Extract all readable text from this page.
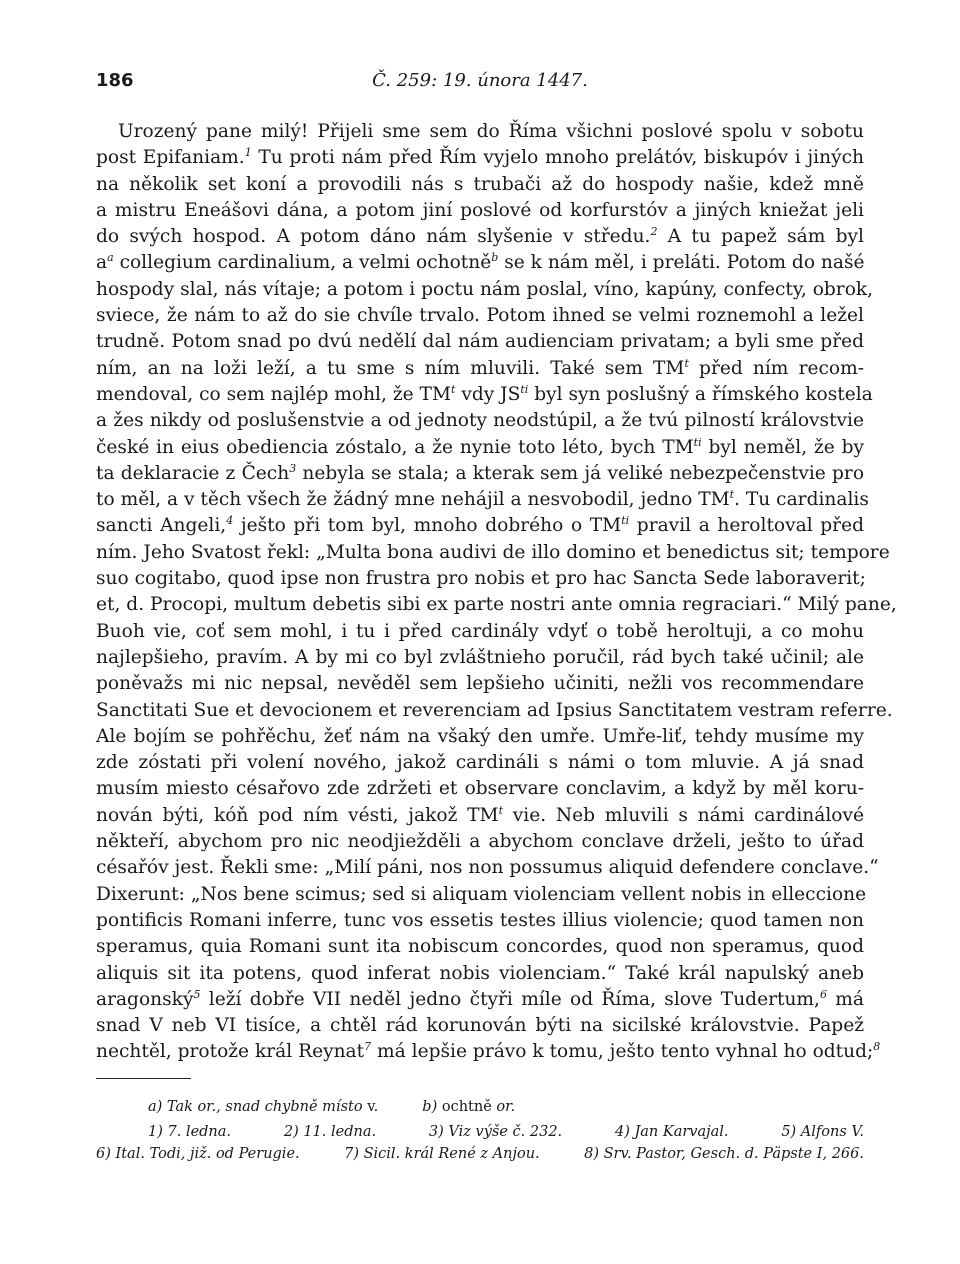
186	Č. 259: 19. února 1447.
Urozený pane milý! Přijeli sme sem do Říma všichni poslové spolu v sobotu
post Epifaniam.$^1$ Tu proti nám před Řím vyjelo mnoho prelátóv, biskupóv i jiných
na několik set koní a provodili nás s trubači až do hospody našie, kdež mně
a mistru Eneášovi dána, a potom jiní poslové od korfurstóv a jiných kniežat jeli
do svých hospod. A potom dáno nám slyšenie v středu.$^2$ A tu papež sám byl
$a^a$ collegium cardinalium, a velmi ochotně$^b$ se k nám měl, i preláti. Potom do našé
hospody slal, nás vítaje; a potom i poctu nám poslal, víno, kapúny, confecty, obrok,
sviece, že nám to až do sie chvíle trvalo. Potom ihned se velmi roznemohl a ležel
trudně. Potom snad po dvú nedělí dal nám audienciam privatam; a byli sme před
ním, an na loži leží, a tu sme s ním mluvili. Také sem $TM^t$ před ním recom-
mendoval, co sem najlép mohl, že $TM^t$ vdy $JS^{ti}$ byl syn poslušný a římského kostela
a žes nikdy od poslušenstvie a od jednoty neodstúpil, a že tvú pilností královstvie
české in eius obediencia zóstalo, a že nynie toto léto, bych $TM^{ti}$ byl neměl, že by
ta deklaracie z Čech$^3$ nebyla se stala; a kterak sem já veliké nebezpečenstvie pro
to měl, a v těch všech že žádný mne nehájil a nesvobodil, jedno $TM^t$. Tu cardinalis
sancti Angeli,$^4$ ješto při tom byl, mnoho dobrého o $TM^{ti}$ pravil a heroltoval před
ním. Jeho Svatost řekl: „Multa bona audivi de illo domino et benedictus sit; tempore
suo cogitabo, quod ipse non frustra pro nobis et pro hac Sancta Sede laboraverit;
et, d. Procopi, multum debetis sibi ex parte nostri ante omnia regraciari.“ Milý pane,
Buoh vie, coť sem mohl, i tu i před cardinály vdyť o tobě heroltuji, a co mohu
najlepšieho, pravím. A by mi co byl zvláštnieho poručil, rád bych také učinil; ale
poněvažs mi nic nepsal, nevěděl sem lepšieho učiniti, nežli vos recommendare
Sanctitati Sue et devocionem et reverenciam ad Ipsius Sanctitatem vestram referre.
Ale bojím se pohřěchu, žeť nám na všaký den umře. Umře-liť, tehdy musíme my
zde zóstati při volení nového, jakož cardináli s námi o tom mluvie. A já snad
musím miesto césařovo zde zdržeti et observare conclavim, a když by měl koru-
nován býti, kóň pod ním vésti, jakož $TM^t$ vie. Neb mluvili s námi cardinálové
někteří, abychom pro nic neodjiežděli a abychom conclave drželi, ješto to úřad
césařóv jest. Řekli sme: „Milí páni, nos non possumus aliquid defendere conclave.“
Dixerunt: „Nos bene scimus; sed si aliquam violenciam vellent nobis in elleccione
pontificis Romani inferre, tunc vos essetis testes illius violencie; quod tamen non
speramus, quia Romani sunt ita nobiscum concordes, quod non speramus, quod
aliquis sit ita potens, quod inferat nobis violenciam.“ Také král napulský aneb
aragonský$^5$ leží dobře VII neděl jedno čtyři míle od Říma, slove Tudertum,$^6$ má
snad V neb VI tisíce, a chtěl rád korunován býti na sicilské královstvie. Papež
nechtěl, protože král Reynat$^7$ má lepšie právo k tomu, ješto tento vyhnal ho odtud;$^8$
a) Tak or., snad chybně místo v.	b) ochtně or.
1) 7. ledna.	2) 11. ledna.	3) Viz výše č. 232.	4) Jan Karvajal.	5) Alfons V.
6) Ital. Todi, již. od Perugie.	7) Sicil. král René z Anjou.	8) Srv. Pastor, Gesch. d. Päpste I, 266.
